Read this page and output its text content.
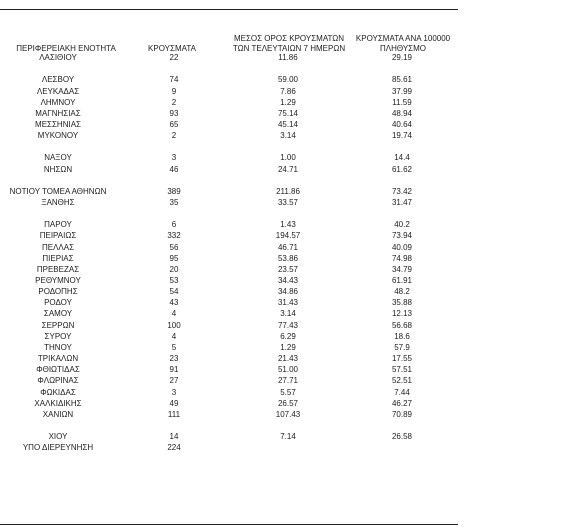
ΠΕΡΙΦΕΡΕΙΑΚΗ ΕΝΟΤΗΤΑ	ΚΡΟΥΣΜΑΤΑ
ΜΕΣΟΣ ΟΡΟΣ ΚΡΟΥΣΜΑΤΩΝ
ΤΩΝ ΤΕΛΕΥΤΑΙΩΝ 7 ΗΜΕΡΩΝ
ΚΡΟΥΣΜΑΤΑ ΑΝΑ 100000
ΠΛΗΘΥΣΜΟ
ΛΑΣΙΘΙΟΥ	22	11.86	29.19
ΛΕΣΒΟΥ	74	59.00	85.61
ΛΕΥΚΑΔΑΣ	9	7.86	37.99
ΛΗΜΝΟΥ	2	1.29	11.59
ΜΑΓΝΗΣΙΑΣ	93	75.14	48.94
ΜΕΣΣΗΝΙΑΣ	65	45.14	40.64
ΜΥΚΟΝΟΥ	2	3.14	19.74
ΝΑΞΟΥ	3	1.00	14.4
ΝΗΣΩΝ	46	24.71	61.62
ΝΟΤΙΟΥ ΤΟΜΕΑ ΑΘΗΝΩΝ	389	211.86	73.42
ΞΑΝΘΗΣ	35	33.57	31.47
ΠΑΡΟΥ	6	1.43	40.2
ΠΕΙΡΑΙΩΣ	332	194.57	73.94
ΠΕΛΛΑΣ	56	46.71	40.09
ΠΙΕΡΙΑΣ	95	53.86	74.98
ΠΡΕΒΕΖΑΣ	20	23.57	34.79
ΡΕΘΥΜΝΟΥ	53	34.43	61.91
ΡΟΔΟΠΗΣ	54	34.86	48.2
ΡΟΔΟΥ	43	31.43	35.88
ΣΑΜΟΥ	4	3.14	12.13
ΣΕΡΡΩΝ	100	77.43	56.68
ΣΥΡΟΥ	4	6.29	18.6
ΤΗΝΟΥ	5	1.29	57.9
ΤΡΙΚΑΛΩΝ	23	21.43	17.55
ΦΘΙΩΤΙΔΑΣ	91	51.00	57.51
ΦΛΩΡΙΝΑΣ	27	27.71	52.51
ΦΩΚΙΔΑΣ	3	5.57	7.44
ΧΑΛΚΙΔΙΚΗΣ	49	26.57	46.27
ΧΑΝΙΩΝ	111	107.43	70.89
ΧΙΟΥ	14	7.14	26.58
ΥΠΟ ΔΙΕΡΕΥΝΗΣΗ	224
